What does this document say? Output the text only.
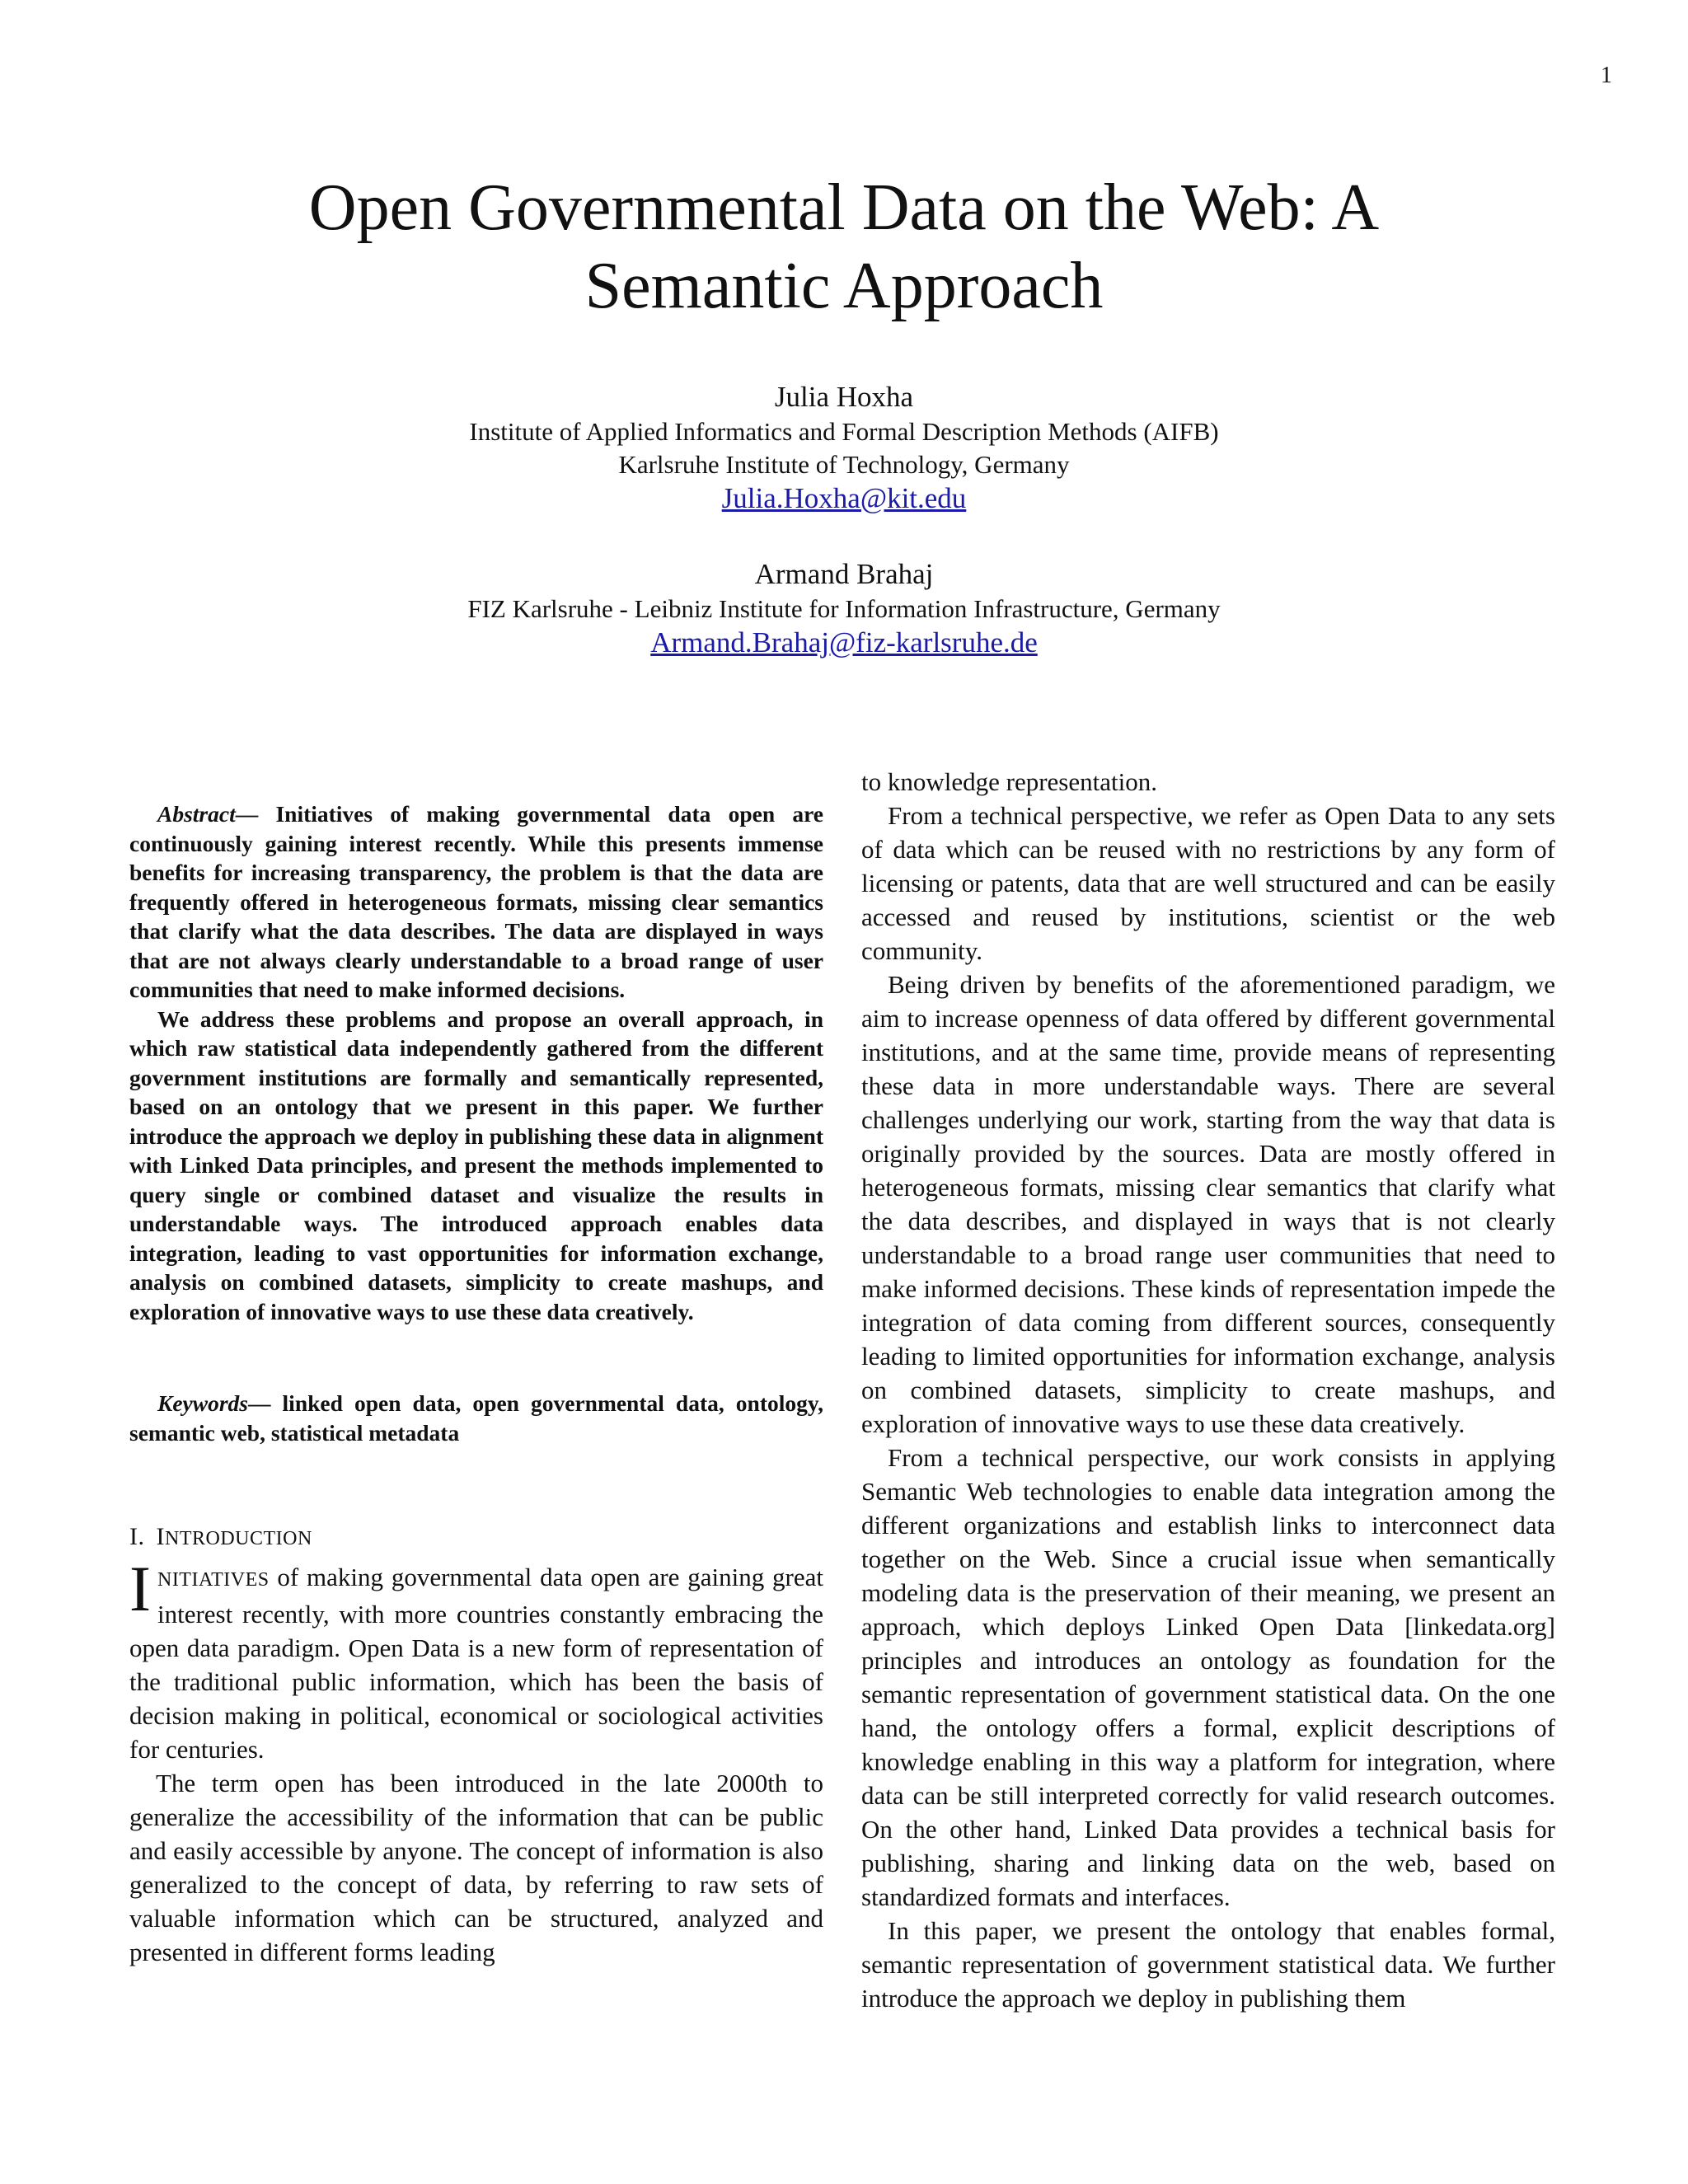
1
Open Governmental Data on the Web: A
Semantic Approach
Julia Hoxha
Institute of Applied Informatics and Formal Description Methods (AIFB)
Karlsruhe Institute of Technology, Germany
Julia.Hoxha@kit.edu
Armand Brahaj
FIZ Karlsruhe - Leibniz Institute for Information Infrastructure, Germany
Armand.Brahaj@fiz-karlsruhe.de

Abstract— Initiatives of making governmental data open are continuously gaining interest recently. While this presents immense benefits for increasing transparency, the problem is that the data are frequently offered in heterogeneous formats, missing clear semantics that clarify what the data describes. The data are displayed in ways that are not always clearly understandable to a broad range of user communities that need to make informed decisions.

We address these problems and propose an overall approach, in which raw statistical data independently gathered from the different government institutions are formally and semantically represented, based on an ontology that we present in this paper. We further introduce the approach we deploy in publishing these data in alignment with Linked Data principles, and present the methods implemented to query single or combined dataset and visualize the results in understandable ways. The introduced approach enables data integration, leading to vast opportunities for information exchange, analysis on combined datasets, simplicity to create mashups, and exploration of innovative ways to use these data creatively.

Keywords— linked open data, open governmental data, ontology, semantic web, statistical metadata

I. INTRODUCTION

INITIATIVES of making governmental data open are gaining great interest recently, with more countries constantly embracing the open data paradigm. Open Data is a new form of representation of the traditional public information, which has been the basis of decision making in political, economical or sociological activities for centuries.

The term open has been introduced in the late 2000th to generalize the accessibility of the information that can be public and easily accessible by anyone. The concept of information is also generalized to the concept of data, by referring to raw sets of valuable information which can be structured, analyzed and presented in different forms leading

to knowledge representation.

From a technical perspective, we refer as Open Data to any sets of data which can be reused with no restrictions by any form of licensing or patents, data that are well structured and can be easily accessed and reused by institutions, scientist or the web community.

Being driven by benefits of the aforementioned paradigm, we aim to increase openness of data offered by different governmental institutions, and at the same time, provide means of representing these data in more understandable ways. There are several challenges underlying our work, starting from the way that data is originally provided by the sources. Data are mostly offered in heterogeneous formats, missing clear semantics that clarify what the data describes, and displayed in ways that is not clearly understandable to a broad range user communities that need to make informed decisions. These kinds of representation impede the integration of data coming from different sources, consequently leading to limited opportunities for information exchange, analysis on combined datasets, simplicity to create mashups, and exploration of innovative ways to use these data creatively.

From a technical perspective, our work consists in applying Semantic Web technologies to enable data integration among the different organizations and establish links to interconnect data together on the Web. Since a crucial issue when semantically modeling data is the preservation of their meaning, we present an approach, which deploys Linked Open Data [linkedata.org] principles and introduces an ontology as foundation for the semantic representation of government statistical data. On the one hand, the ontology offers a formal, explicit descriptions of knowledge enabling in this way a platform for integration, where data can be still interpreted correctly for valid research outcomes. On the other hand, Linked Data provides a technical basis for publishing, sharing and linking data on the web, based on standardized formats and interfaces.

In this paper, we present the ontology that enables formal, semantic representation of government statistical data. We further introduce the approach we deploy in publishing them
